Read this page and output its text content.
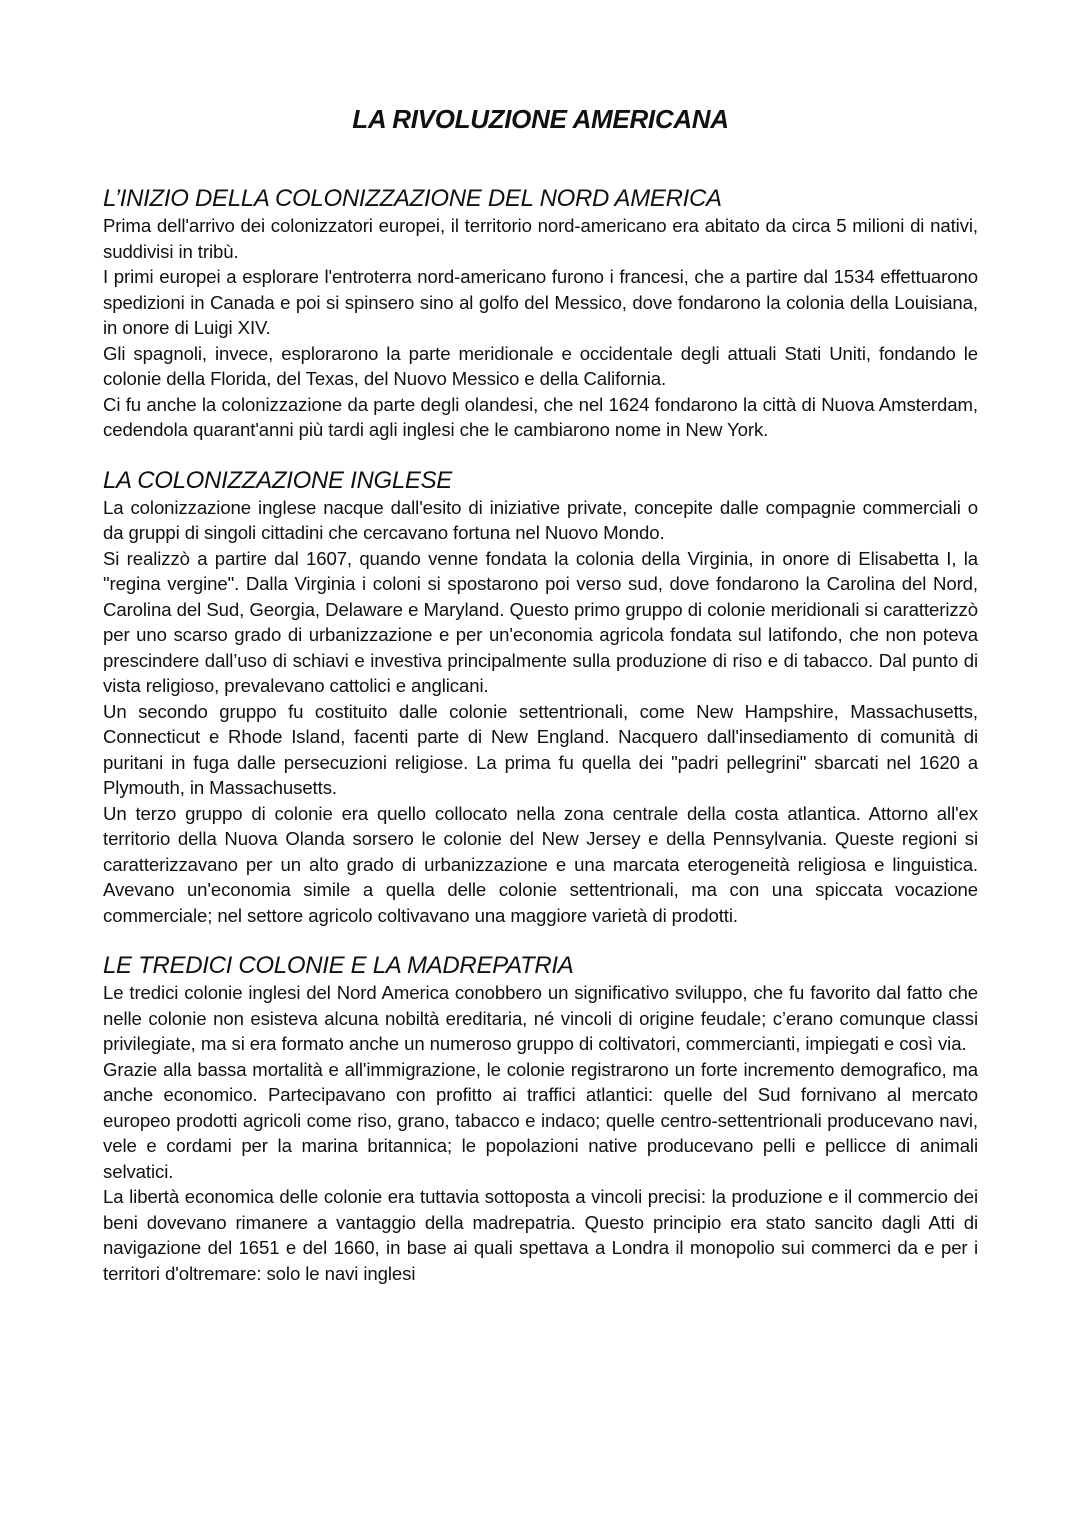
LA RIVOLUZIONE AMERICANA
L’INIZIO DELLA COLONIZZAZIONE DEL NORD AMERICA

Prima dell'arrivo dei colonizzatori europei, il territorio nord-americano era abitato da circa 5 milioni di nativi, suddivisi in tribù.

I primi europei a esplorare l'entroterra nord-americano furono i francesi, che a partire dal 1534 effettuarono spedizioni in Canada e poi si spinsero sino al golfo del Messico, dove fondarono la colonia della Louisiana, in onore di Luigi XIV.

Gli spagnoli, invece, esplorarono la parte meridionale e occidentale degli attuali Stati Uniti, fondando le colonie della Florida, del Texas, del Nuovo Messico e della California.

Ci fu anche la colonizzazione da parte degli olandesi, che nel 1624 fondarono la città di Nuova Amsterdam, cedendola quarant'anni più tardi agli inglesi che le cambiarono nome in New York.

LA COLONIZZAZIONE INGLESE

La colonizzazione inglese nacque dall'esito di iniziative private, concepite dalle compagnie commerciali o da gruppi di singoli cittadini che cercavano fortuna nel Nuovo Mondo.

Si realizzò a partire dal 1607, quando venne fondata la colonia della Virginia, in onore di Elisabetta I, la "regina vergine". Dalla Virginia i coloni si spostarono poi verso sud, dove fondarono la Carolina del Nord, Carolina del Sud, Georgia, Delaware e Maryland. Questo primo gruppo di colonie meridionali si caratterizzò per uno scarso grado di urbanizzazione e per un'economia agricola fondata sul latifondo, che non poteva prescindere dall’uso di schiavi e investiva principalmente sulla produzione di riso e di tabacco. Dal punto di vista religioso, prevalevano cattolici e anglicani.

Un secondo gruppo fu costituito dalle colonie settentrionali, come New Hampshire, Massachusetts, Connecticut e Rhode Island, facenti parte di New England. Nacquero dall'insediamento di comunità di puritani in fuga dalle persecuzioni religiose. La prima fu quella dei "padri pellegrini" sbarcati nel 1620 a Plymouth, in Massachusetts.

Un terzo gruppo di colonie era quello collocato nella zona centrale della costa atlantica. Attorno all'ex territorio della Nuova Olanda sorsero le colonie del New Jersey e della Pennsylvania. Queste regioni si caratterizzavano per un alto grado di urbanizzazione e una marcata eterogeneità religiosa e linguistica. Avevano un'economia simile a quella delle colonie settentrionali, ma con una spiccata vocazione commerciale; nel settore agricolo coltivavano una maggiore varietà di prodotti.

LE TREDICI COLONIE E LA MADREPATRIA

Le tredici colonie inglesi del Nord America conobbero un significativo sviluppo, che fu favorito dal fatto che nelle colonie non esisteva alcuna nobiltà ereditaria, né vincoli di origine feudale; c’erano comunque classi privilegiate, ma si era formato anche un numeroso gruppo di coltivatori, commercianti, impiegati e così via.

Grazie alla bassa mortalità e all'immigrazione, le colonie registrarono un forte incremento demografico, ma anche economico. Partecipavano con profitto ai traffici atlantici: quelle del Sud fornivano al mercato europeo prodotti agricoli come riso, grano, tabacco e indaco; quelle centro-settentrionali producevano navi, vele e cordami per la marina britannica; le popolazioni native producevano pelli e pellicce di animali selvatici.

La libertà economica delle colonie era tuttavia sottoposta a vincoli precisi: la produzione e il commercio dei beni dovevano rimanere a vantaggio della madrepatria. Questo principio era stato sancito dagli Atti di navigazione del 1651 e del 1660, in base ai quali spettava a Londra il monopolio sui commerci da e per i territori d'oltremare: solo le navi inglesi
